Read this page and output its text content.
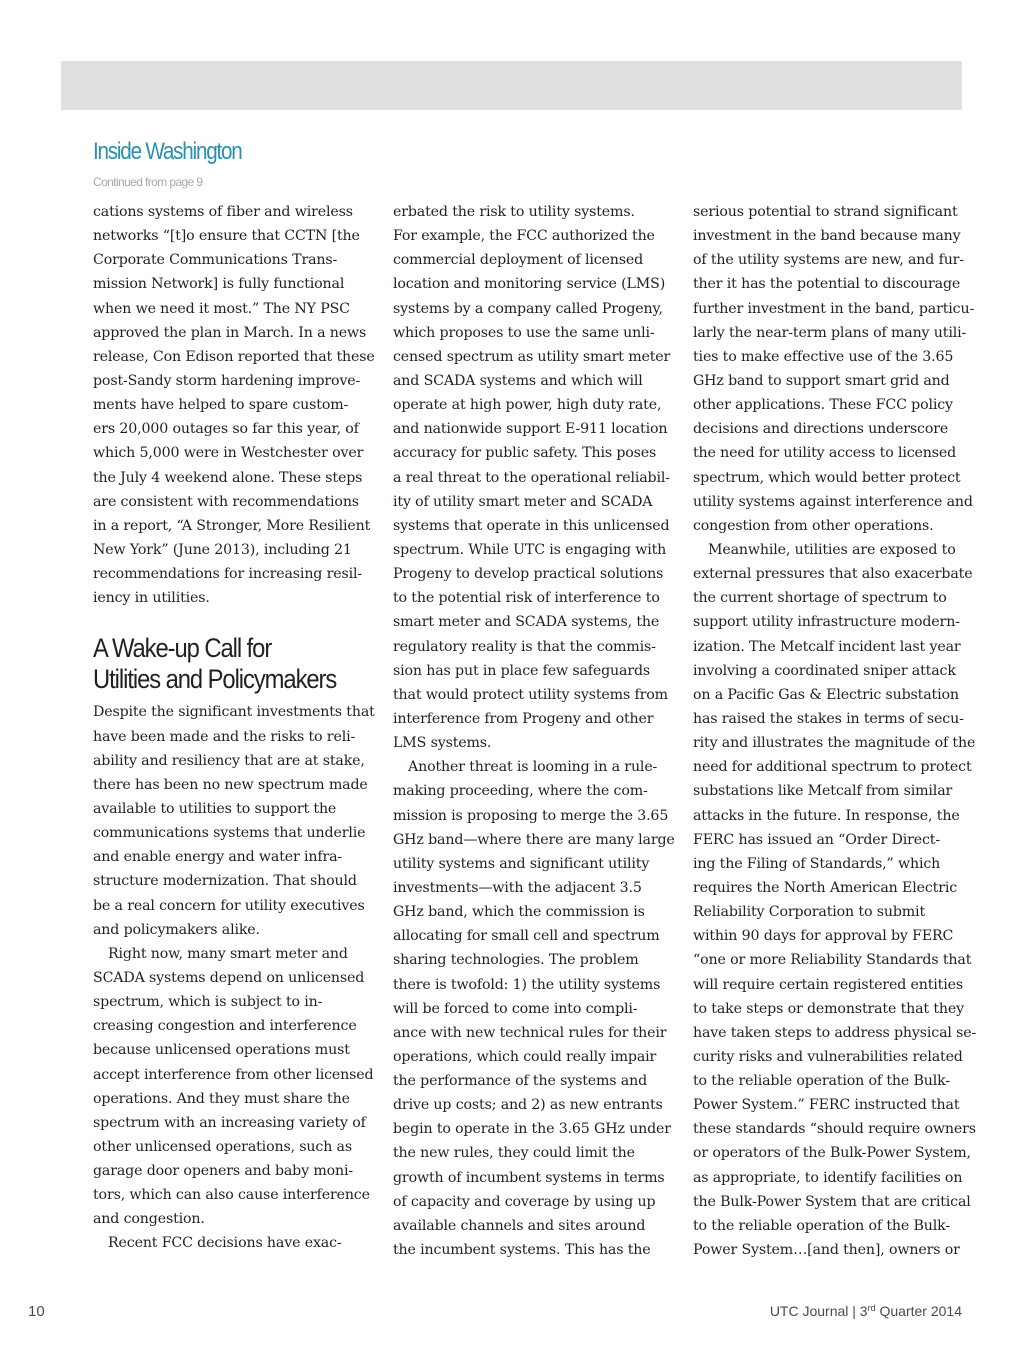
Inside Washington
Continued from page 9
cations systems of fiber and wireless
networks “[t]o ensure that CCTN [the
Corporate Communications Trans-
mission Network] is fully functional
when we need it most.” The NY PSC
approved the plan in March. In a news
release, Con Edison reported that these
post-Sandy storm hardening improve-
ments have helped to spare custom-
ers 20,000 outages so far this year, of
which 5,000 were in Westchester over
the July 4 weekend alone. These steps
are consistent with recommendations
in a report, “A Stronger, More Resilient
New York” (June 2013), including 21
recommendations for increasing resil-
iency in utilities.
A Wake-up Call for
Utilities and Policymakers
Despite the significant investments that
have been made and the risks to reli-
ability and resiliency that are at stake,
there has been no new spectrum made
available to utilities to support the
communications systems that underlie
and enable energy and water infra-
structure modernization. That should
be a real concern for utility executives
and policymakers alike.
Right now, many smart meter and
SCADA systems depend on unlicensed
spectrum, which is subject to in-
creasing congestion and interference
because unlicensed operations must
accept interference from other licensed
operations. And they must share the
spectrum with an increasing variety of
other unlicensed operations, such as
garage door openers and baby moni-
tors, which can also cause interference
and congestion.
Recent FCC decisions have exac-
erbated the risk to utility systems.
For example, the FCC authorized the
commercial deployment of licensed
location and monitoring service (LMS)
systems by a company called Progeny,
which proposes to use the same unli-
censed spectrum as utility smart meter
and SCADA systems and which will
operate at high power, high duty rate,
and nationwide support E-911 location
accuracy for public safety. This poses
a real threat to the operational reliabil-
ity of utility smart meter and SCADA
systems that operate in this unlicensed
spectrum. While UTC is engaging with
Progeny to develop practical solutions
to the potential risk of interference to
smart meter and SCADA systems, the
regulatory reality is that the commis-
sion has put in place few safeguards
that would protect utility systems from
interference from Progeny and other
LMS systems.
Another threat is looming in a rule-
making proceeding, where the com-
mission is proposing to merge the 3.65
GHz band—where there are many large
utility systems and significant utility
investments—with the adjacent 3.5
GHz band, which the commission is
allocating for small cell and spectrum
sharing technologies. The problem
there is twofold: 1) the utility systems
will be forced to come into compli-
ance with new technical rules for their
operations, which could really impair
the performance of the systems and
drive up costs; and 2) as new entrants
begin to operate in the 3.65 GHz under
the new rules, they could limit the
growth of incumbent systems in terms
of capacity and coverage by using up
available channels and sites around
the incumbent systems. This has the
serious potential to strand significant
investment in the band because many
of the utility systems are new, and fur-
ther it has the potential to discourage
further investment in the band, particu-
larly the near-term plans of many utili-
ties to make effective use of the 3.65
GHz band to support smart grid and
other applications. These FCC policy
decisions and directions underscore
the need for utility access to licensed
spectrum, which would better protect
utility systems against interference and
congestion from other operations.
Meanwhile, utilities are exposed to
external pressures that also exacerbate
the current shortage of spectrum to
support utility infrastructure modern-
ization. The Metcalf incident last year
involving a coordinated sniper attack
on a Pacific Gas & Electric substation
has raised the stakes in terms of secu-
rity and illustrates the magnitude of the
need for additional spectrum to protect
substations like Metcalf from similar
attacks in the future. In response, the
FERC has issued an “Order Direct-
ing the Filing of Standards,” which
requires the North American Electric
Reliability Corporation to submit
within 90 days for approval by FERC
“one or more Reliability Standards that
will require certain registered entities
to take steps or demonstrate that they
have taken steps to address physical se-
curity risks and vulnerabilities related
to the reliable operation of the Bulk-
Power System.” FERC instructed that
these standards “should require owners
or operators of the Bulk-Power System,
as appropriate, to identify facilities on
the Bulk-Power System that are critical
to the reliable operation of the Bulk-
Power System…[and then], owners or
10	UTC Journal | 3rd Quarter 2014
